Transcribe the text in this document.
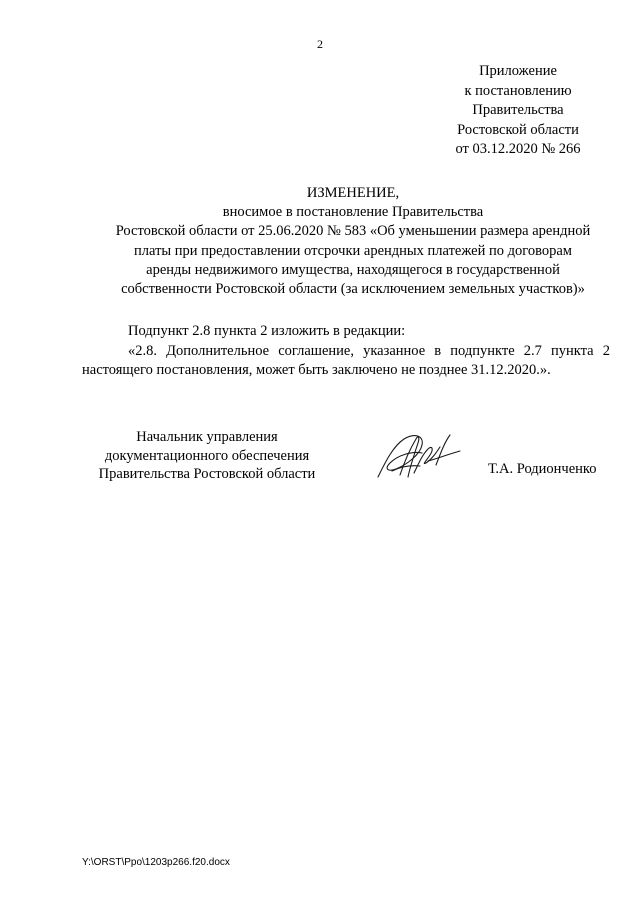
2
Приложение
к постановлению
Правительства
Ростовской области
от 03.12.2020 № 266
ИЗМЕНЕНИЕ,
вносимое в постановление Правительства
Ростовской области от 25.06.2020 № 583 «Об уменьшении размера арендной
платы при предоставлении отсрочки арендных платежей по договорам
аренды недвижимого имущества, находящегося в государственной
собственности Ростовской области (за исключением земельных участков)»
Подпункт 2.8 пункта 2 изложить в редакции:
«2.8. Дополнительное соглашение, указанное в подпункте 2.7 пункта 2
настоящего постановления, может быть заключено не позднее 31.12.2020.».
Начальник управления
документационного обеспечения
Правительства Ростовской области	Т.А. Родионченко
Y:\ORST\Ppo\1203p266.f20.docx
